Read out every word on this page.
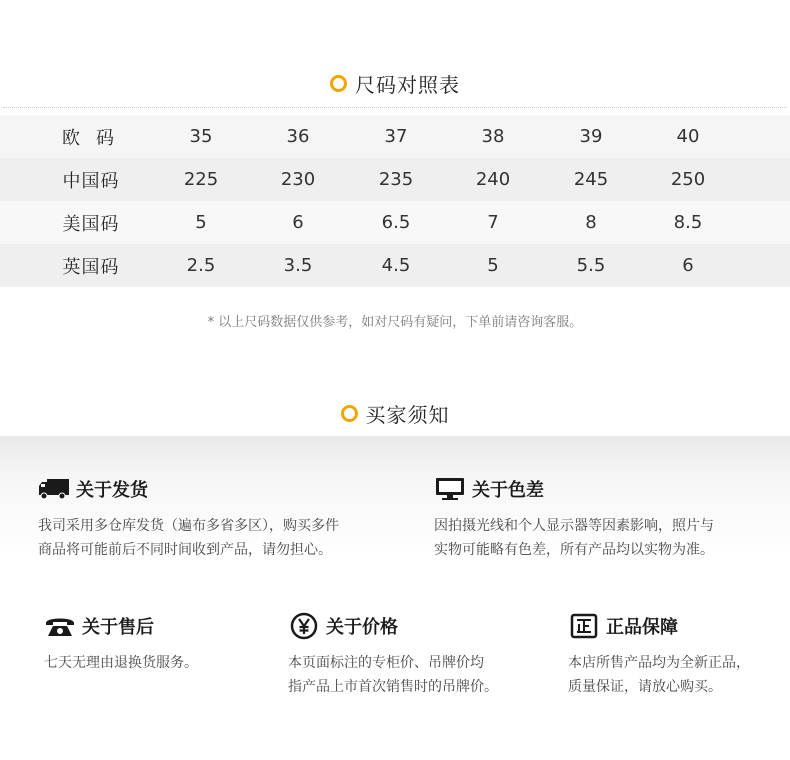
尺码对照表
欧码	35	36	37	38	39	40
中国码	225	230	235	240	245	250
美国码	5	6	6.5	7	8	8.5
英国码	2.5	3.5	4.5	5	5.5	6
* 以上尺码数据仅供参考，如对尺码有疑问，下单前请咨询客服。
买家须知
关于发货
我司采用多仓库发货（遍布多省多区），购买多件
商品将可能前后不同时间收到产品，请勿担心。
关于色差
因拍摄光线和个人显示器等因素影响，照片与
实物可能略有色差，所有产品均以实物为准。
关于售后
七天无理由退换货服务。
关于价格
本页面标注的专柜价、吊牌价均
指产品上市首次销售时的吊牌价。
正品保障
本店所售产品均为全新正品，
质量保证，请放心购买。
